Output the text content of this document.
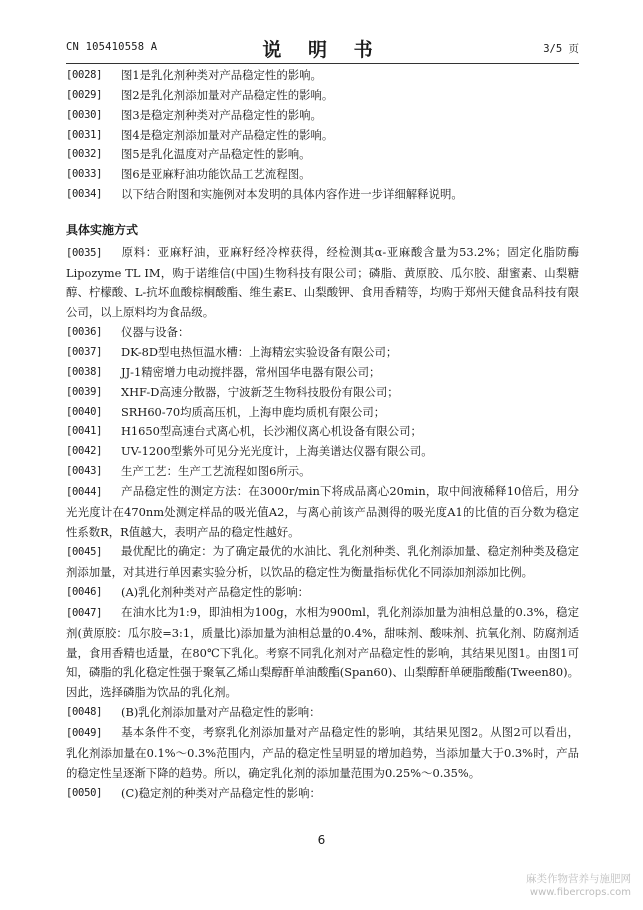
CN 105410558 A	说 明 书	3/5 页
[0028] 图1是乳化剂种类对产品稳定性的影响。
[0029] 图2是乳化剂添加量对产品稳定性的影响。
[0030] 图3是稳定剂种类对产品稳定性的影响。
[0031] 图4是稳定剂添加量对产品稳定性的影响。
[0032] 图5是乳化温度对产品稳定性的影响。
[0033] 图6是亚麻籽油功能饮品工艺流程图。
[0034] 以下结合附图和实施例对本发明的具体内容作进一步详细解释说明。
具体实施方式
[0035] 原料：亚麻籽油，亚麻籽经冷榨获得，经检测其α-亚麻酸含量为53.2%；固定化脂防酶Lipozyme TL IM，购于诺维信(中国)生物科技有限公司；磷脂、黄原胶、瓜尔胶、甜蜜素、山梨糖醇、柠檬酸、L-抗坏血酸棕榈酸酯、维生素E、山梨酸钾、食用香精等，均购于郑州天健食品科技有限公司，以上原料均为食品级。
[0036] 仪器与设备：
[0037] DK-8D型电热恒温水槽：上海精宏实验设备有限公司；
[0038] JJ-1精密增力电动搅拌器，常州国华电器有限公司；
[0039] XHF-D高速分散器，宁波新芝生物科技股份有限公司；
[0040] SRH60-70均质高压机，上海申鹿均质机有限公司；
[0041] H1650型高速台式离心机，长沙湘仪离心机设备有限公司；
[0042] UV-1200型紫外可见分光光度计，上海美谱达仪器有限公司。
[0043] 生产工艺：生产工艺流程如图6所示。
[0044] 产品稳定性的测定方法：在3000r/min下将成品离心20min，取中间液稀释10倍后，用分光光度计在470nm处测定样品的吸光值A2，与离心前该产品测得的吸光度A1的比值的百分数为稳定性系数R，R值越大，表明产品的稳定性越好。
[0045] 最优配比的确定：为了确定最优的水油比、乳化剂种类、乳化剂添加量、稳定剂种类及稳定剂添加量，对其进行单因素实验分析，以饮品的稳定性为衡量指标优化不同添加剂添加比例。
[0046] (A)乳化剂种类对产品稳定性的影响：
[0047] 在油水比为1:9，即油相为100g，水相为900ml，乳化剂添加量为油相总量的0.3%，稳定剂(黄原胶：瓜尔胶=3:1，质量比)添加量为油相总量的0.4%，甜味剂、酸味剂、抗氧化剂、防腐剂适量，食用香精也适量，在80℃下乳化。考察不同乳化剂对产品稳定性的影响，其结果见图1。由图1可知，磷脂的乳化稳定性强于聚氧乙烯山梨醇酐单油酸酯(Span60)、山梨醇酐单硬脂酸酯(Tween80)。因此，选择磷脂为饮品的乳化剂。
[0048] (B)乳化剂添加量对产品稳定性的影响：
[0049] 基本条件不变，考察乳化剂添加量对产品稳定性的影响，其结果见图2。从图2可以看出，乳化剂添加量在0.1%～0.3%范围内，产品的稳定性呈明显的增加趋势，当添加量大于0.3%时，产品的稳定性呈逐渐下降的趋势。所以，确定乳化剂的添加量范围为0.25%～0.35%。
[0050] (C)稳定剂的种类对产品稳定性的影响：
6
麻类作物营养与施肥网
www.fibercrops.com
